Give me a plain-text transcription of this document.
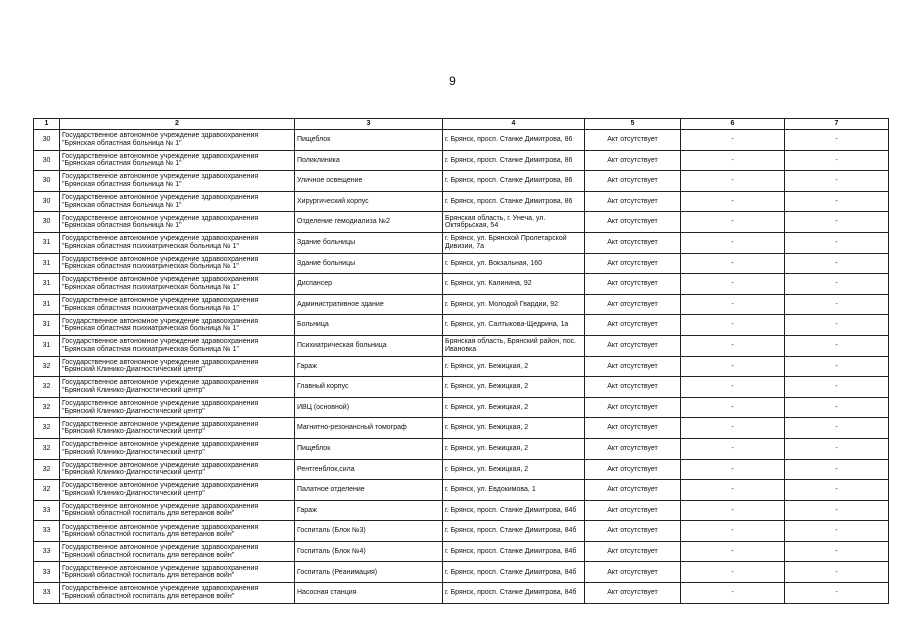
9
1	2	3	4	5	6	7
30	Государственное автономное учреждение здравоохранения "Брянская областная больница № 1"	Пищеблок	г. Брянск, просп. Станке Димитрова, 86	Акт отсутствует	-	-
30	Государственное автономное учреждение здравоохранения "Брянская областная больница № 1"	Поликлиника	г. Брянск, просп. Станке Димитрова, 86	Акт отсутствует	-	-
30	Государственное автономное учреждение здравоохранения "Брянская областная больница № 1"	Уличное освещение	г. Брянск, просп. Станке Димитрова, 86	Акт отсутствует	-	-
30	Государственное автономное учреждение здравоохранения "Брянская областная больница № 1"	Хирургический корпус	г. Брянск, просп. Станке Димитрова, 86	Акт отсутствует	-	-
30	Государственное автономное учреждение здравоохранения "Брянская областная больница № 1"	Отделение гемодиализа №2	Брянская область, г. Унеча, ул. Октябрьская, 54	Акт отсутствует	-	-
31	Государственное автономное учреждение здравоохранения "Брянская областная психиатрическая больница № 1"	Здание больницы	г. Брянск, ул. Брянской Пролетарской Дивизии, 7а	Акт отсутствует	-	-
31	Государственное автономное учреждение здравоохранения "Брянская областная психиатрическая больница № 1"	Здание больницы	г. Брянск, ул. Вокзальная, 160	Акт отсутствует	-	-
31	Государственное автономное учреждение здравоохранения "Брянская областная психиатрическая больница № 1"	Диспансер	г. Брянск, ул. Калинина, 92	Акт отсутствует	-	-
31	Государственное автономное учреждение здравоохранения "Брянская областная психиатрическая больница № 1"	Административное здание	г. Брянск, ул. Молодой Гвардии, 92	Акт отсутствует	-	-
31	Государственное автономное учреждение здравоохранения "Брянская областная психиатрическая больница № 1"	Больница	г. Брянск, ул. Салтыкова-Щедрина, 1а	Акт отсутствует	-	-
31	Государственное автономное учреждение здравоохранения "Брянская областная психиатрическая больница № 1"	Психиатрическая больница	Брянская область, Брянский район, пос. Ивановка	Акт отсутствует	-	-
32	Государственное автономное учреждение здравоохранения "Брянский Клинико-Диагностический центр"	Гараж	г. Брянск, ул. Бежицкая, 2	Акт отсутствует	-	-
32	Государственное автономное учреждение здравоохранения "Брянский Клинико-Диагностический центр"	Главный корпус	г. Брянск, ул. Бежицкая, 2	Акт отсутствует	-	-
32	Государственное автономное учреждение здравоохранения "Брянский Клинико-Диагностический центр"	ИВЦ (основной)	г. Брянск, ул. Бежицкая, 2	Акт отсутствует	-	-
32	Государственное автономное учреждение здравоохранения "Брянский Клинико-Диагностический центр"	Магнитно-резонансный томограф	г. Брянск, ул. Бежицкая, 2	Акт отсутствует	-	-
32	Государственное автономное учреждение здравоохранения "Брянский Клинико-Диагностический центр"	Пищеблок	г. Брянск, ул. Бежицкая, 2	Акт отсутствует	-	-
32	Государственное автономное учреждение здравоохранения "Брянский Клинико-Диагностический центр"	Рентгенблок,сила	г. Брянск, ул. Бежицкая, 2	Акт отсутствует	-	-
32	Государственное автономное учреждение здравоохранения "Брянский Клинико-Диагностический центр"	Палатное отделение	г. Брянск, ул. Евдокимова, 1	Акт отсутствует	-	-
33	Государственное автономное учреждение здравоохранения "Брянский областной госпиталь для ветеранов войн"	Гараж	г. Брянск, просп. Станке Димитрова, 84б	Акт отсутствует	-	-
33	Государственное автономное учреждение здравоохранения "Брянский областной госпиталь для ветеранов войн"	Госпиталь (Блок №3)	г. Брянск, просп. Станке Димитрова, 84б	Акт отсутствует	-	-
33	Государственное автономное учреждение здравоохранения "Брянский областной госпиталь для ветеранов войн"	Госпиталь (Блок №4)	г. Брянск, просп. Станке Димитрова, 84б	Акт отсутствует	-	-
33	Государственное автономное учреждение здравоохранения "Брянский областной госпиталь для ветеранов войн"	Госпиталь (Реанимация)	г. Брянск, просп. Станке Димитрова, 84б	Акт отсутствует	-	-
33	Государственное автономное учреждение здравоохранения "Брянский областной госпиталь для ветеранов войн"	Насосная станция	г. Брянск, просп. Станке Димитрова, 84б	Акт отсутствует	-	-
